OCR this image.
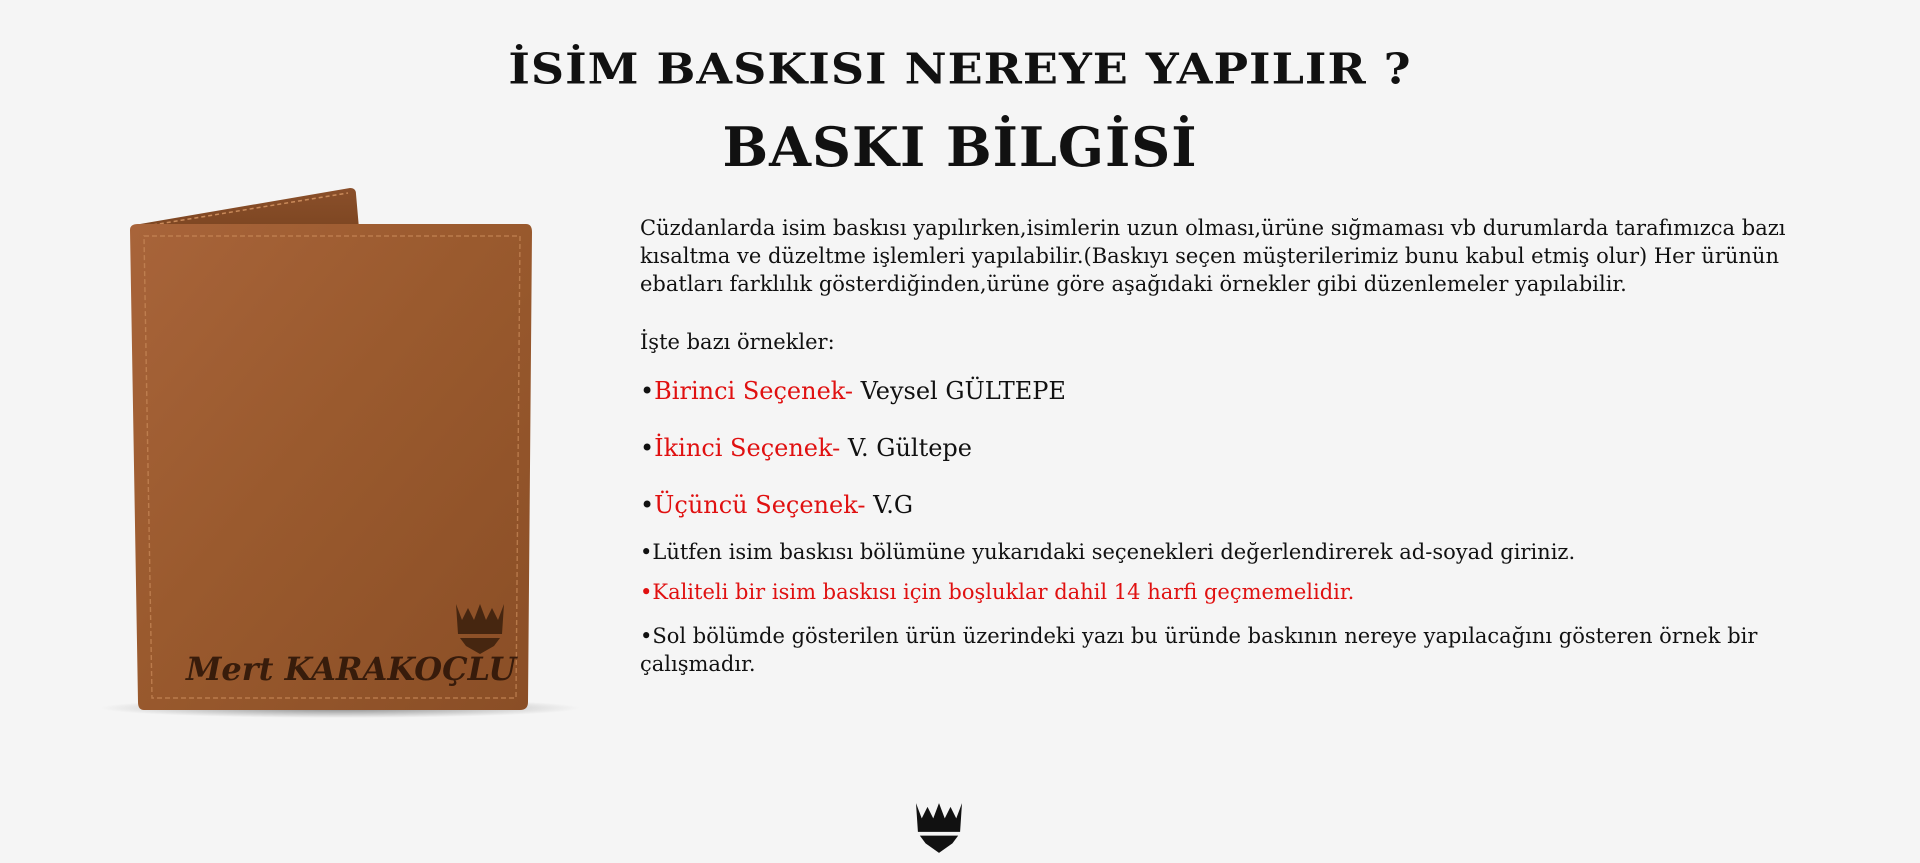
İSİM BASKISI NEREYE YAPILIR ?
BASKI BİLGİSİ
Mert KARAKOÇLU

Cüzdanlarda isim baskısı yapılırken,isimlerin uzun olması,ürüne sığmaması vb durumlarda tarafımızca bazı kısaltma ve düzeltme işlemleri yapılabilir.(Baskıyı seçen müşterilerimiz bunu kabul etmiş olur) Her ürünün ebatları farklılık gösterdiğinden,ürüne göre aşağıdaki örnekler gibi düzenlemeler yapılabilir.

İşte bazı örnekler:

•Birinci Seçenek- Veysel GÜLTEPE

•İkinci Seçenek- V. Gültepe

•Üçüncü Seçenek- V.G

•Lütfen isim baskısı bölümüne yukarıdaki seçenekleri değerlendirerek ad-soyad giriniz.

•Kaliteli bir isim baskısı için boşluklar dahil 14 harfi geçmemelidir.

•Sol bölümde gösterilen ürün üzerindeki yazı bu üründe baskının nereye yapılacağını gösteren örnek bir çalışmadır.
